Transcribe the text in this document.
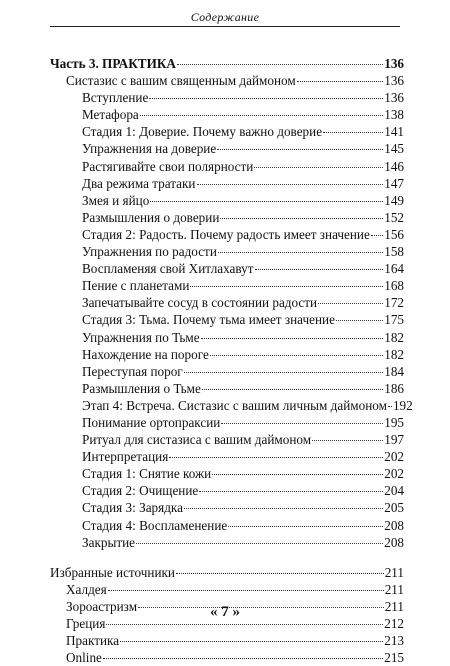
Содержание
Часть 3. ПРАКТИКА	136
Систазис с вашим священным даймоном	136
Вступление	136
Метафора	138
Стадия 1: Доверие. Почему важно доверие	141
Упражнения на доверие	145
Растягивайте свои полярности	146
Два режима тратаки	147
Змея и яйцо	149
Размышления о доверии	152
Стадия 2: Радость. Почему радость имеет значение 156
Упражнения по радости	158
Воспламеняя свой Хитлахавут	164
Пение с планетами	168
Запечатывайте сосуд в состоянии радости	172
Стадия 3: Тьма. Почему тьма имеет значение	175
Упражнения по Тьме	182
Нахождение на пороге	182
Переступая порог	184
Размышления о Тьме	186
Этап 4: Встреча. Систазис с вашим личным даймоном 192
Понимание ортопраксии	195
Ритуал для систазиса с вашим даймоном	197
Интерпретация	202
Стадия 1: Снятие кожи	202
Стадия 2: Очищение	204
Стадия 3: Зарядка	205
Стадия 4: Воспламенение	208
Закрытие	208
Избранные источники	211
Халдея	211
Зороастризм	211
Греция	212
Практика	213
Online	215
« 7 »
